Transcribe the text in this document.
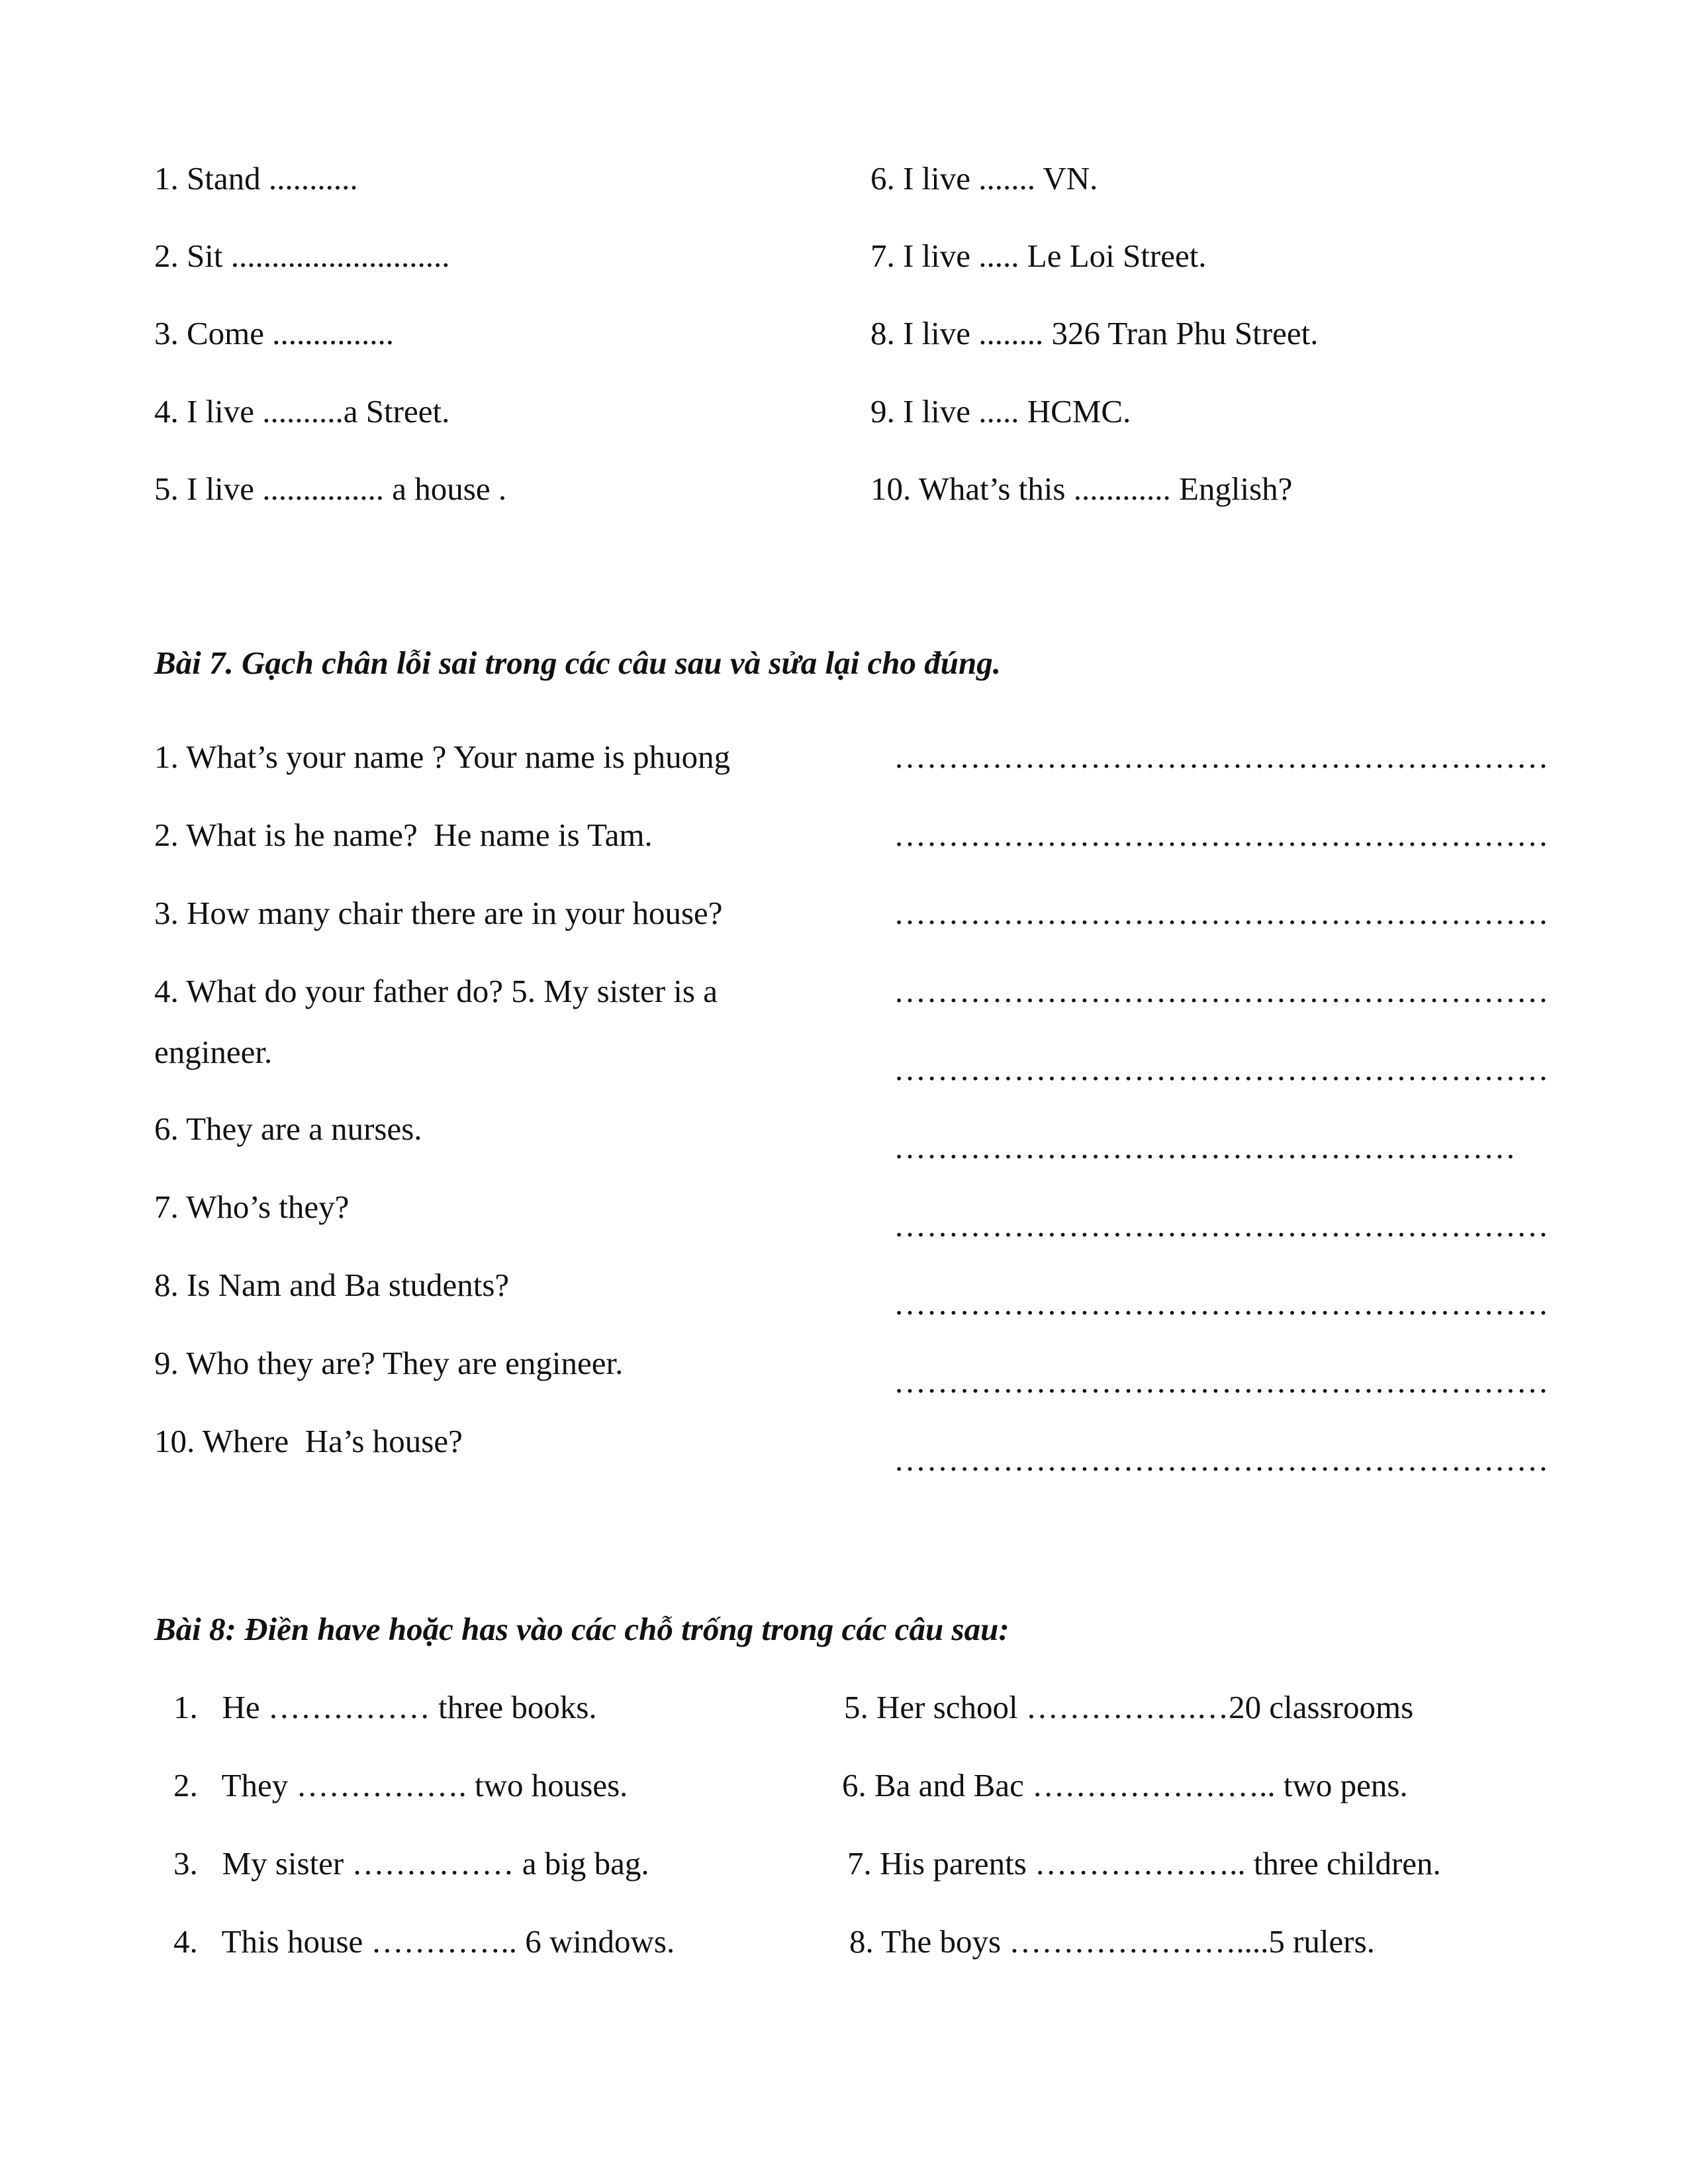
1. Stand ...........

2. Sit ...........................

3. Come ...............

4. I live ..........a Street.

5. I live ............... a house .

6. I live ....... VN.

7. I live ..... Le Loi Street.

8. I live ........ 326 Tran Phu Street.

9. I live ..... HCMC.

10. What’s this ............ English?

Bài 7. Gạch chân lỗi sai trong các câu sau và sửa lại cho đúng.

1. What’s your name ? Your name is phuong

2. What is he name?  He name is Tam.

3. How many chair there are in your house?

4. What do your father do? 5. My sister is a

engineer.

6. They are a nurses.

7. Who’s they?

8. Is Nam and Ba students?

9. Who they are? They are engineer.

10. Where  Ha’s house?

……………………………………………………

……………………………………………………

……………………………………………………

……………………………………………………

……………………………………………………

…………………………………………………

……………………………………………………

……………………………………………………

……………………………………………………

……………………………………………………

Bài 8: Điền have hoặc has vào các chỗ trống trong các câu sau:

1.   He …………… three books.

2.   They ……………. two houses.

3.   My sister …………… a big bag.

4.   This house ………….. 6 windows.

5. Her school …………….…20 classrooms

6. Ba and Bac ………………….. two pens.

7. His parents ……………….. three children.

8. The boys …………………....5 rulers.
